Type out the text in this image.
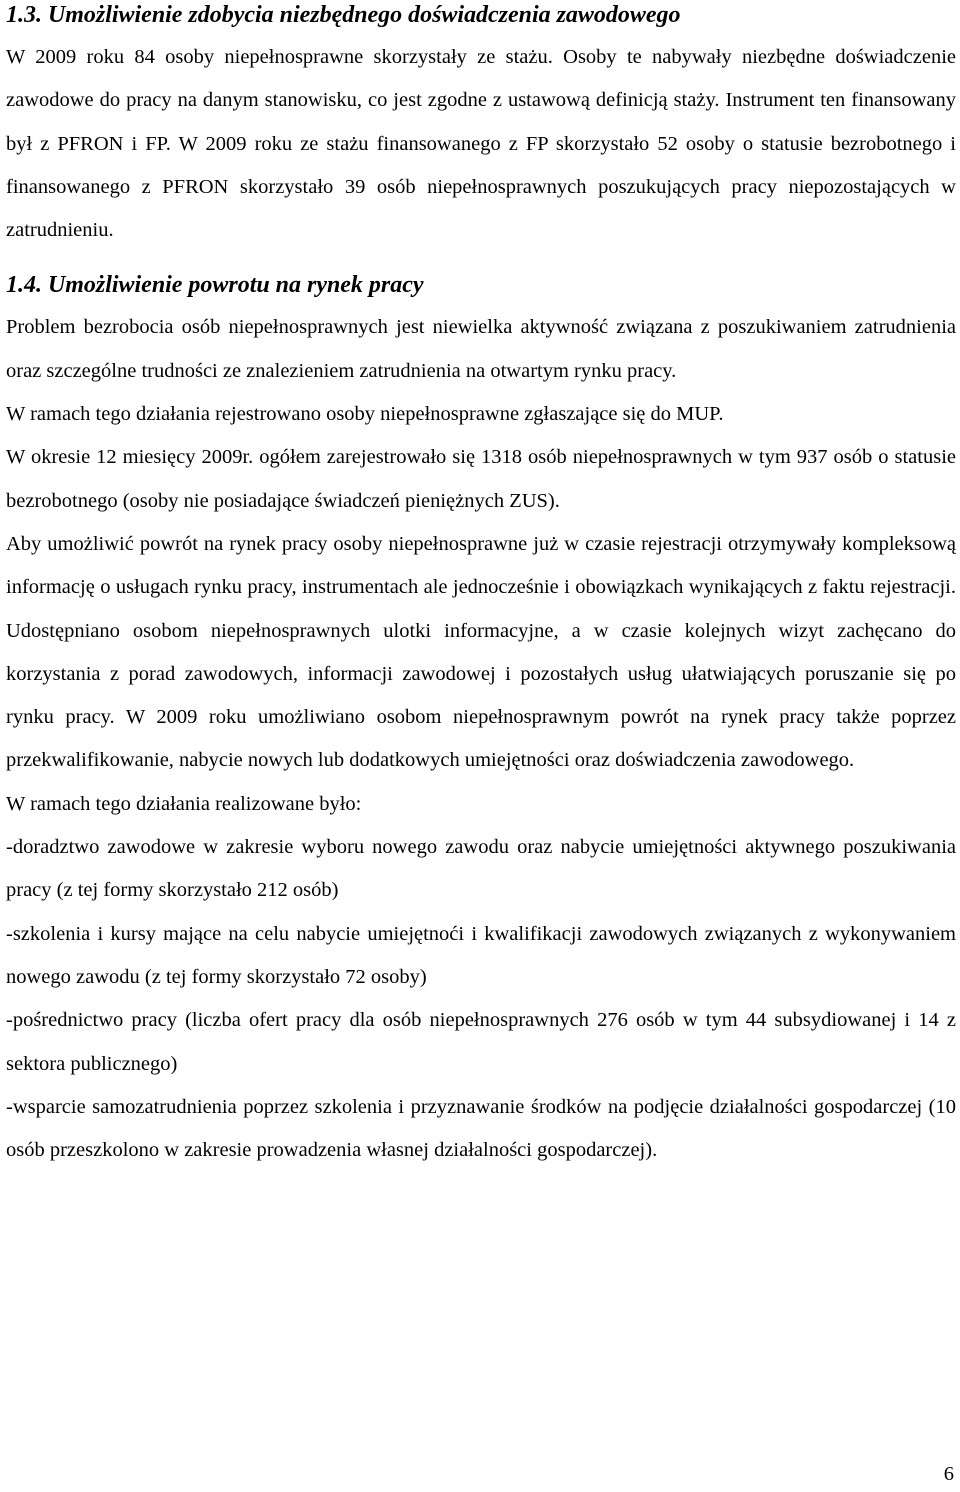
1.3. Umożliwienie zdobycia niezbędnego doświadczenia zawodowego

W 2009 roku 84 osoby niepełnosprawne skorzystały ze stażu. Osoby te nabywały niezbędne doświadczenie zawodowe do pracy na danym stanowisku, co jest zgodne z ustawową definicją staży. Instrument ten finansowany był z PFRON i FP. W 2009 roku ze stażu finansowanego z FP skorzystało 52 osoby o statusie bezrobotnego i finansowanego z PFRON skorzystało 39 osób niepełnosprawnych poszukujących pracy niepozostających w zatrudnieniu.

1.4. Umożliwienie powrotu na rynek pracy

Problem bezrobocia osób niepełnosprawnych jest niewielka aktywność związana z poszukiwaniem zatrudnienia oraz szczególne trudności ze znalezieniem zatrudnienia na otwartym rynku pracy.

W ramach tego działania rejestrowano osoby niepełnosprawne zgłaszające się do MUP.

W okresie 12 miesięcy 2009r. ogółem zarejestrowało się 1318 osób niepełnosprawnych w tym 937 osób o statusie bezrobotnego (osoby nie posiadające świadczeń pieniężnych ZUS).

Aby umożliwić powrót na rynek pracy osoby niepełnosprawne już w czasie rejestracji otrzymywały kompleksową informację o usługach rynku pracy, instrumentach ale jednocześnie i obowiązkach wynikających z faktu rejestracji. Udostępniano osobom niepełnosprawnych ulotki informacyjne, a w czasie kolejnych wizyt zachęcano do korzystania z porad zawodowych, informacji zawodowej i pozostałych usług ułatwiających poruszanie się po rynku pracy. W 2009 roku umożliwiano osobom niepełnosprawnym powrót na rynek pracy także poprzez przekwalifikowanie, nabycie nowych lub dodatkowych umiejętności oraz doświadczenia zawodowego.

W ramach tego działania realizowane było:

-doradztwo zawodowe w zakresie wyboru nowego zawodu oraz nabycie umiejętności aktywnego poszukiwania pracy (z tej formy skorzystało 212 osób)

-szkolenia i kursy mające na celu nabycie umiejętnoći i kwalifikacji zawodowych związanych z wykonywaniem nowego zawodu (z tej formy skorzystało 72 osoby)

-pośrednictwo pracy (liczba ofert pracy dla osób niepełnosprawnych 276 osób w tym 44 subsydiowanej i 14 z sektora publicznego)

-wsparcie samozatrudnienia poprzez szkolenia i przyznawanie środków na podjęcie działalności gospodarczej (10 osób przeszkolono w zakresie prowadzenia własnej działalności gospodarczej).

6
